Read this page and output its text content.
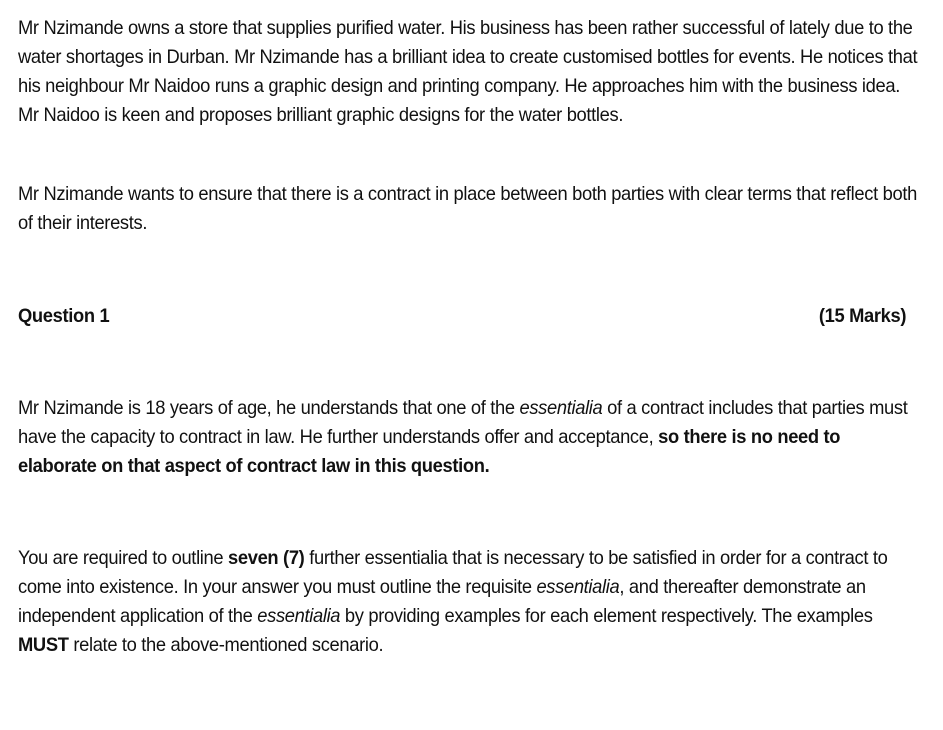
Mr Nzimande owns a store that supplies purified water. His business has been rather successful of lately due to the water shortages in Durban. Mr Nzimande has a brilliant idea to create customised bottles for events. He notices that his neighbour Mr Naidoo runs a graphic design and printing company. He approaches him with the business idea. Mr Naidoo is keen and proposes brilliant graphic designs for the water bottles.

Mr Nzimande wants to ensure that there is a contract in place between both parties with clear terms that reflect both of their interests.

Question 1	(15 Marks)

Mr Nzimande is 18 years of age, he understands that one of the essentialia of a contract includes that parties must have the capacity to contract in law. He further understands offer and acceptance, so there is no need to elaborate on that aspect of contract law in this question.

You are required to outline seven (7) further essentialia that is necessary to be satisfied in order for a contract to come into existence. In your answer you must outline the requisite essentialia, and thereafter demonstrate an independent application of the essentialia by providing examples for each element respectively. The examples MUST relate to the above-mentioned scenario.
